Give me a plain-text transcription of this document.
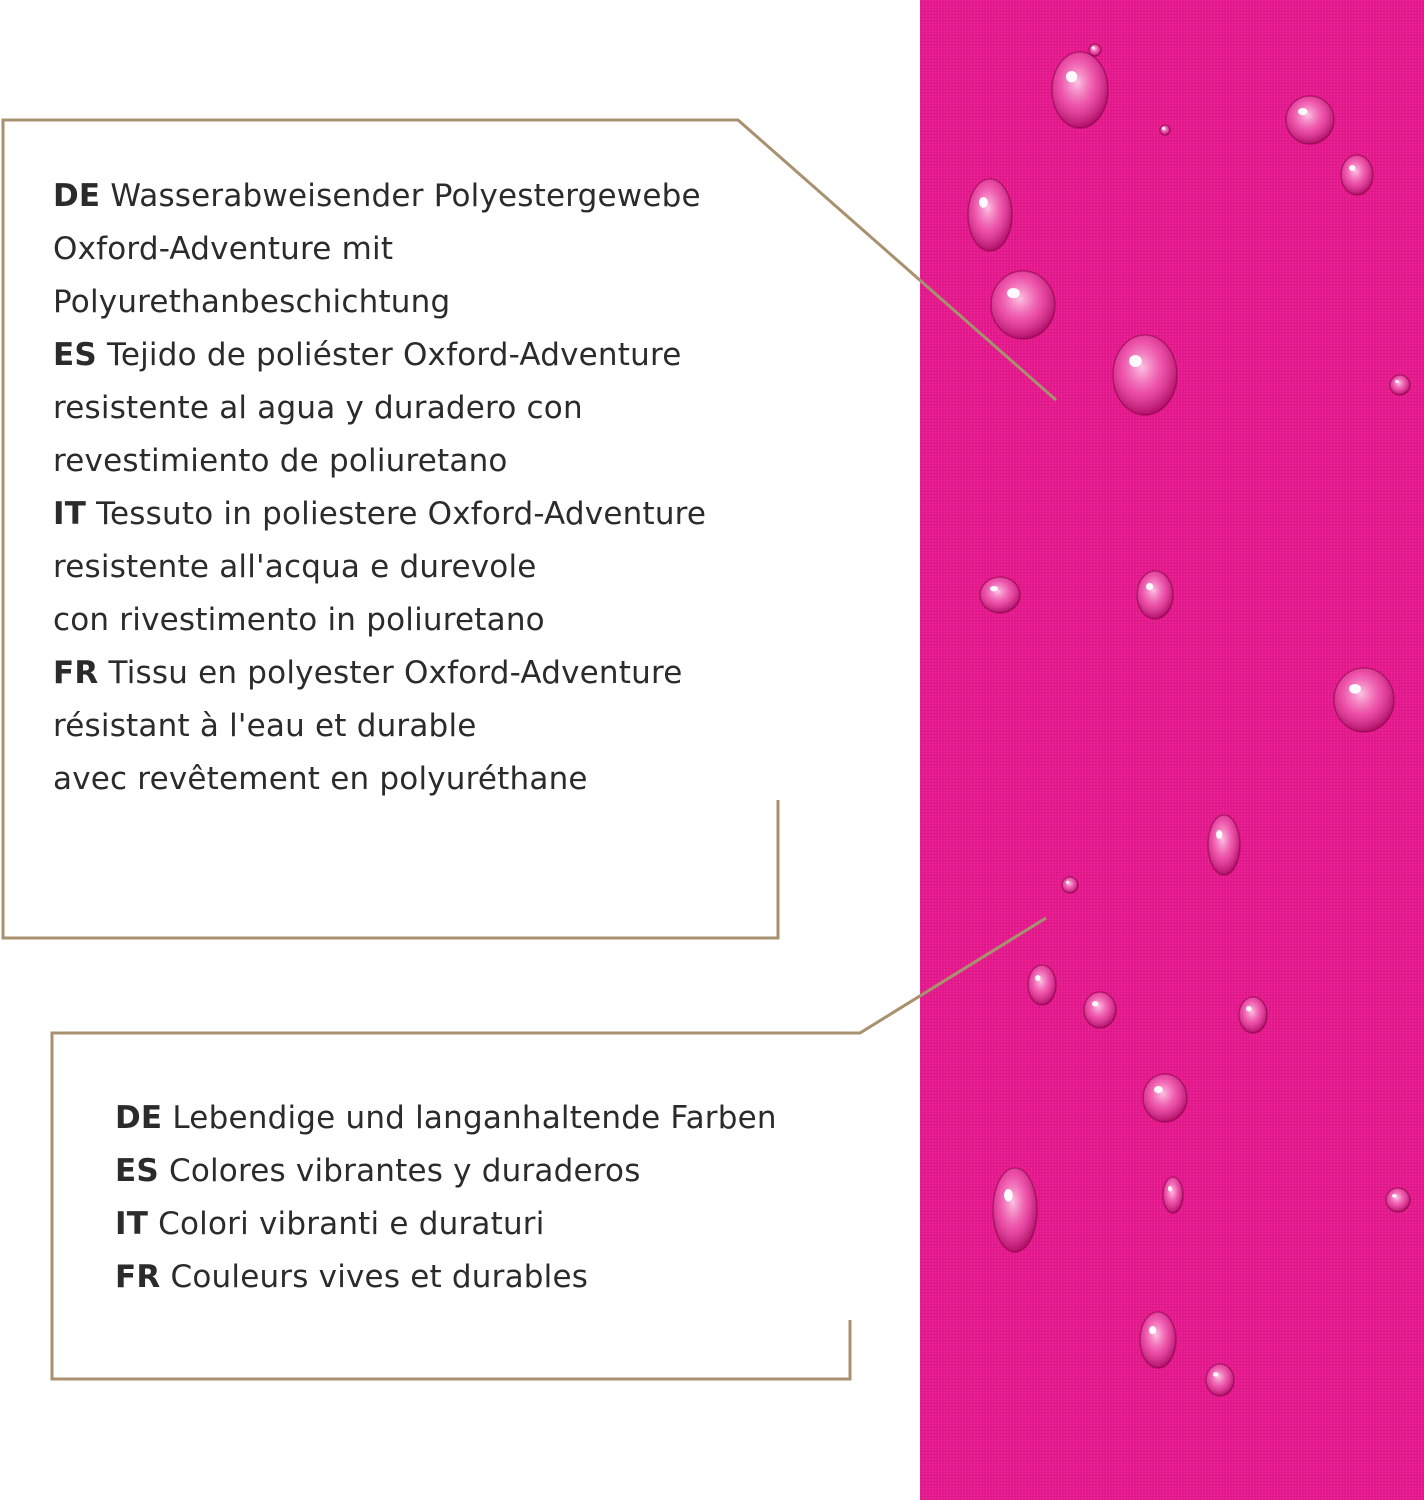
DE Wasserabweisender Polyestergewebe
Oxford-Adventure mit
Polyurethanbeschichtung
ES Tejido de poliéster Oxford-Adventure
resistente al agua y duradero con
revestimiento de poliuretano
IT Tessuto in poliestere Oxford-Adventure
resistente all'acqua e durevole
con rivestimento in poliuretano
FR Tissu en polyester Oxford-Adventure
résistant à l'eau et durable
avec revêtement en polyuréthane
DE Lebendige und langanhaltende Farben
ES Colores vibrantes y duraderos
IT Colori vibranti e duraturi
FR Couleurs vives et durables
